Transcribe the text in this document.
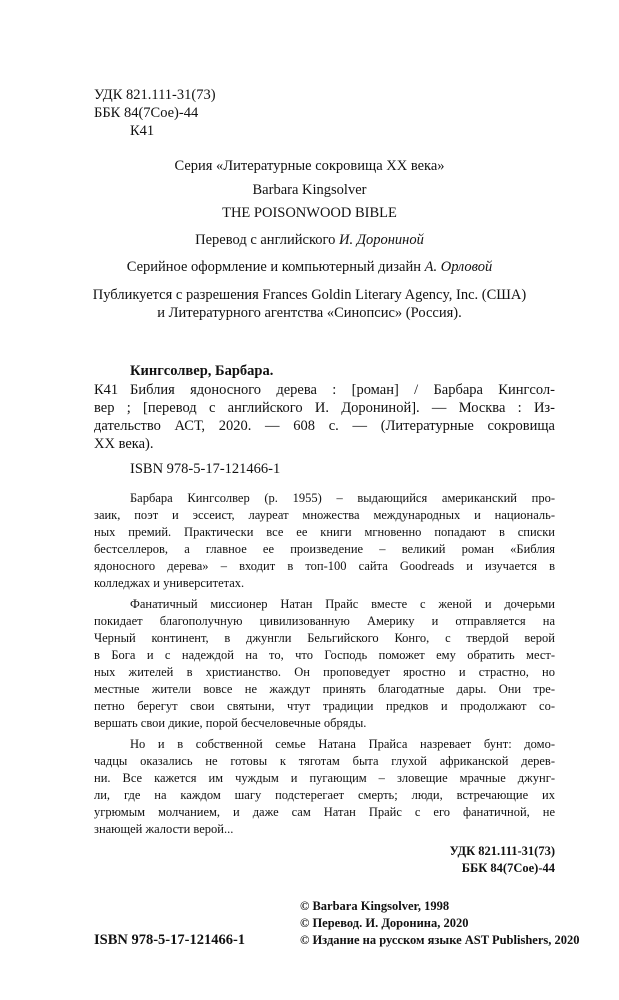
УДК 821.111-31(73)
ББК 84(7Сое)-44
К41
Серия «Литературные сокровища XX века»
Barbara Kingsolver
THE POISONWOOD BIBLE
Перевод с английского И. Дорониной
Серийное оформление и компьютерный дизайн А. Орловой
Публикуется с разрешения Frances Goldin Literary Agency, Inc. (США)
и Литературного агентства «Синопсис» (Россия).
Кингсолвер, Барбара.
К41 Библия ядоносного дерева : [роман] / Барбара Кингсол-
вер ; [перевод с английского И. Дорониной]. — Москва : Из-
дательство АСТ, 2020. — 608 с. — (Литературные сокровища
XX века).
ISBN 978-5-17-121466-1
Барбара Кингсолвер (р. 1955) – выдающийся американский про-
заик, поэт и эссеист, лауреат множества международных и националь-
ных премий. Практически все ее книги мгновенно попадают в списки
бестселлеров, а главное ее произведение – великий роман «Библия
ядоносного дерева» – входит в топ-100 сайта Goodreads и изучается в
колледжах и университетах.
Фанатичный миссионер Натан Прайс вместе с женой и дочерьми
покидает благополучную цивилизованную Америку и отправляется на
Черный континент, в джунгли Бельгийского Конго, с твердой верой
в Бога и с надеждой на то, что Господь поможет ему обратить мест-
ных жителей в христианство. Он проповедует яростно и страстно, но
местные жители вовсе не жаждут принять благодатные дары. Они тре-
петно берегут свои святыни, чтут традиции предков и продолжают со-
вершать свои дикие, порой бесчеловечные обряды.
Но и в собственной семье Натана Прайса назревает бунт: домо-
чадцы оказались не готовы к тяготам быта глухой африканской дерев-
ни. Все кажется им чуждым и пугающим – зловещие мрачные джунг-
ли, где на каждом шагу подстерегает смерть; люди, встречающие их
угрюмым молчанием, и даже сам Натан Прайс с его фанатичной, не
знающей жалости верой...
УДК 821.111-31(73)
ББК 84(7Сое)-44
© Barbara Kingsolver, 1998
© Перевод. И. Доронина, 2020
ISBN 978-5-17-121466-1	© Издание на русском языке AST Publishers, 2020
